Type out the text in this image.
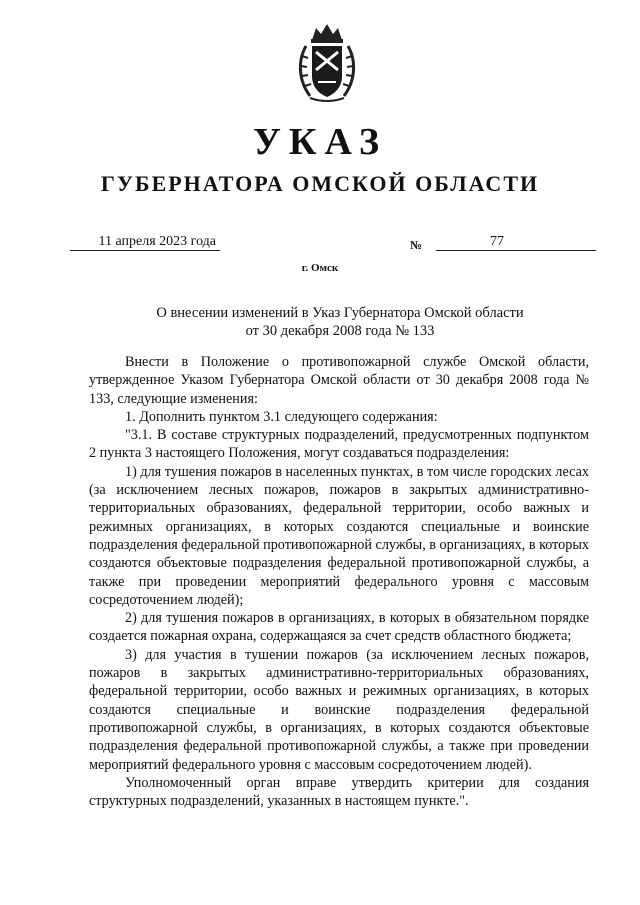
УКАЗ
ГУБЕРНАТОРА ОМСКОЙ ОБЛАСТИ
11 апреля 2023 года	№	77
г. Омск
О внесении изменений в Указ Губернатора Омской области
от 30 декабря 2008 года № 133

Внести в Положение о противопожарной службе Омской области, утвержденное Указом Губернатора Омской области от 30 декабря 2008 года № 133, следующие изменения:

1. Дополнить пунктом 3.1 следующего содержания:

"3.1. В составе структурных подразделений, предусмотренных подпунктом 2 пункта 3 настоящего Положения, могут создаваться подразделения:

1) для тушения пожаров в населенных пунктах, в том числе городских лесах (за исключением лесных пожаров, пожаров в закрытых административно-территориальных образованиях, федеральной территории, особо важных и режимных организациях, в которых создаются специальные и воинские подразделения федеральной противопожарной службы, в организациях, в которых создаются объектовые подразделения федеральной противопожарной службы, а также при проведении мероприятий федерального уровня с массовым сосредоточением людей);

2) для тушения пожаров в организациях, в которых в обязательном порядке создается пожарная охрана, содержащаяся за счет средств областного бюджета;

3) для участия в тушении пожаров (за исключением лесных пожаров, пожаров в закрытых административно-территориальных образованиях, федеральной территории, особо важных и режимных организациях, в которых создаются специальные и воинские подразделения федеральной противопожарной службы, в организациях, в которых создаются объектовые подразделения федеральной противопожарной службы, а также при проведении мероприятий федерального уровня с массовым сосредоточением людей).

Уполномоченный орган вправе утвердить критерии для создания структурных подразделений, указанных в настоящем пункте.".
